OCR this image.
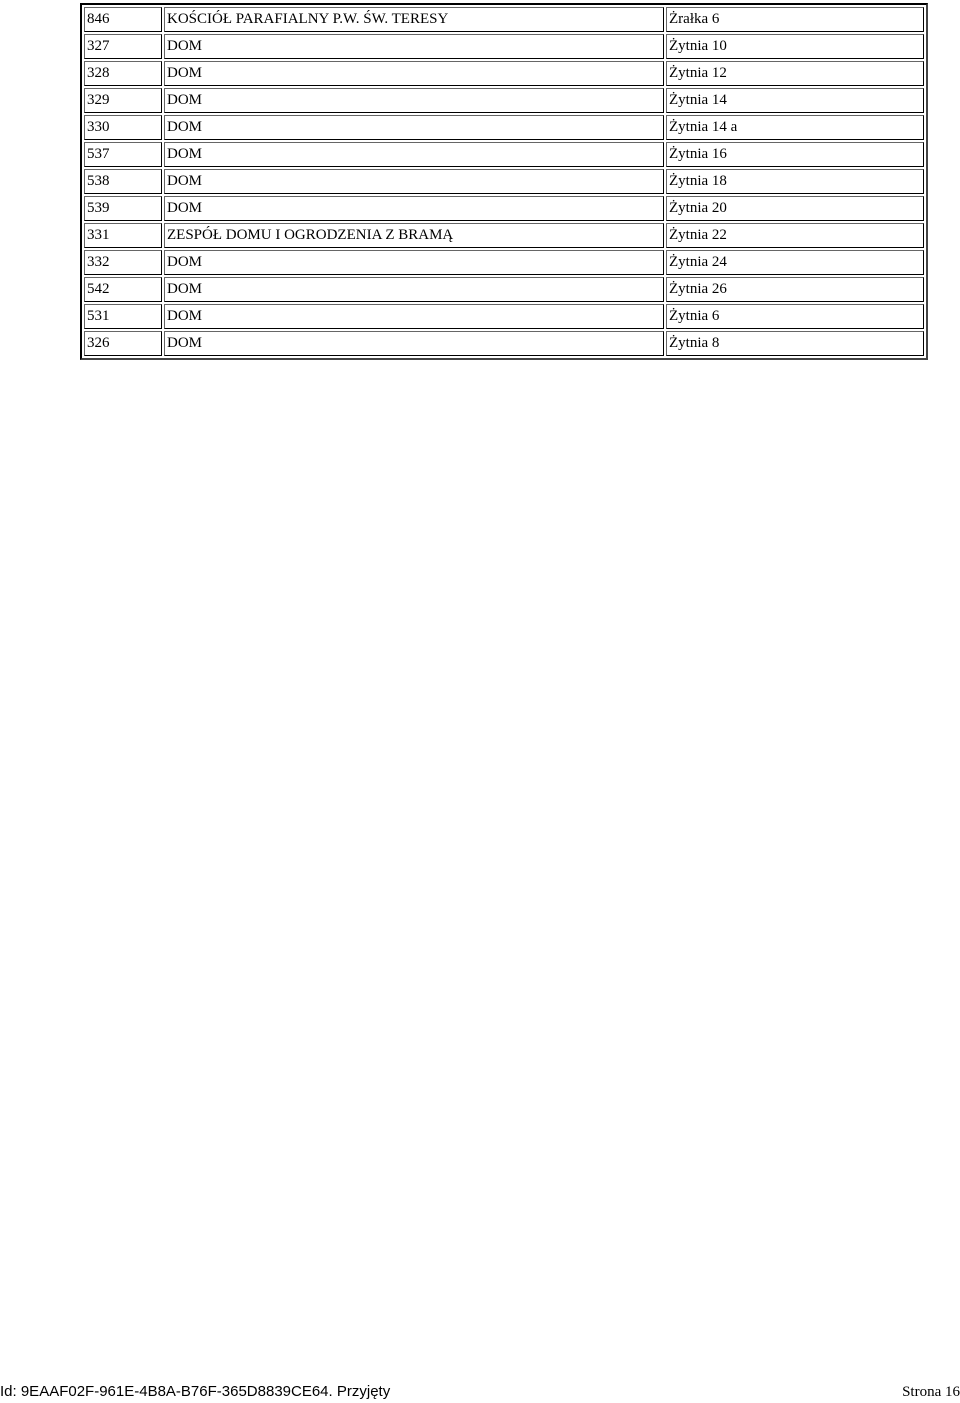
846	KOŚCIÓŁ PARAFIALNY P.W. ŚW. TERESY	Żrałka 6
327	DOM	Żytnia 10
328	DOM	Żytnia 12
329	DOM	Żytnia 14
330	DOM	Żytnia 14 a
537	DOM	Żytnia 16
538	DOM	Żytnia 18
539	DOM	Żytnia 20
331	ZESPÓŁ DOMU I OGRODZENIA Z BRAMĄ	Żytnia 22
332	DOM	Żytnia 24
542	DOM	Żytnia 26
531	DOM	Żytnia 6
326	DOM	Żytnia 8
Id: 9EAAF02F-961E-4B8A-B76F-365D8839CE64. Przyjęty	Strona 16
